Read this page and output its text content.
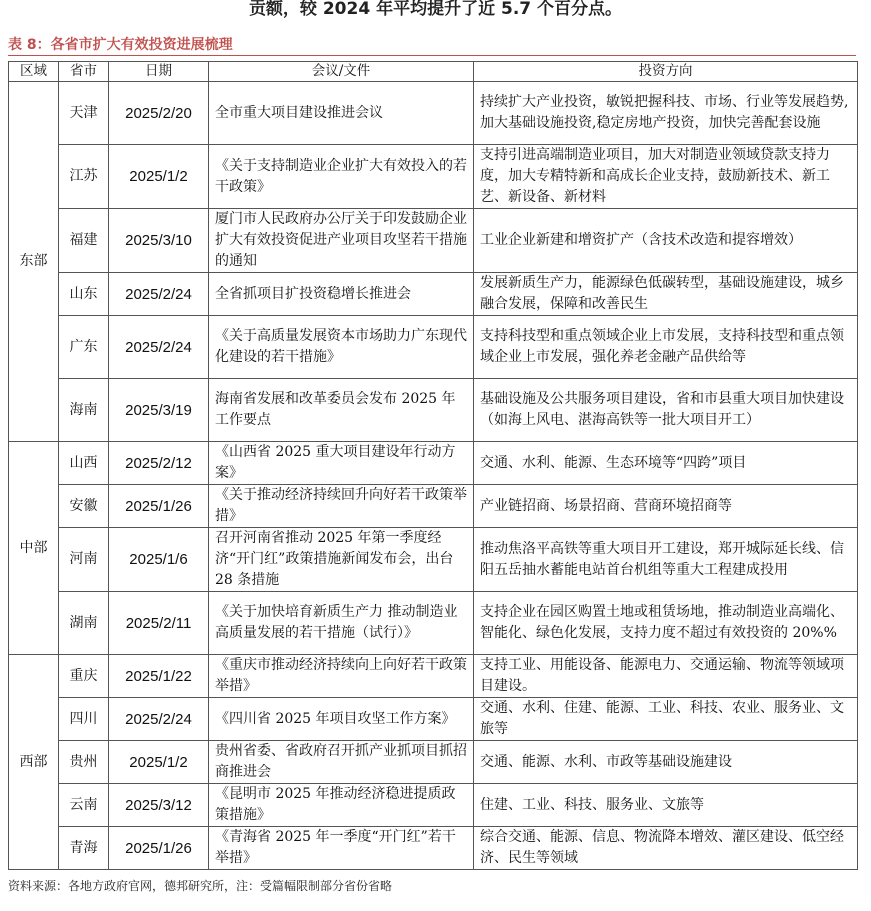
贡额，较 2024 年平均提升了近 5.7 个百分点。
表 8：各省市扩大有效投资进展梳理
区域	省市	日期	会议/文件	投资方向
东部	天津	2025/2/20	全市重大项目建设推进会议	持续扩大产业投资，敏锐把握科技、市场、行业等发展趋势,加大基础设施投资,稳定房地产投资，加快完善配套设施
	江苏	2025/1/2	《关于支持制造业企业扩大有效投入的若干政策》	支持引进高端制造业项目，加大对制造业领域贷款支持力度，加大专精特新和高成长企业支持，鼓励新技术、新工艺、新设备、新材料
	福建	2025/3/10	厦门市人民政府办公厅关于印发鼓励企业扩大有效投资促进产业项目攻坚若干措施的通知	工业企业新建和增资扩产（含技术改造和提容增效）
	山东	2025/2/24	全省抓项目扩投资稳增长推进会	发展新质生产力，能源绿色低碳转型，基础设施建设，城乡融合发展，保障和改善民生
	广东	2025/2/24	《关于高质量发展资本市场助力广东现代化建设的若干措施》	支持科技型和重点领域企业上市发展，支持科技型和重点领域企业上市发展，强化养老金融产品供给等
	海南	2025/3/19	海南省发展和改革委员会发布 2025 年工作要点	基础设施及公共服务项目建设，省和市县重大项目加快建设（如海上风电、湛海高铁等一批大项目开工）
中部	山西	2025/2/12	《山西省 2025 重大项目建设年行动方案》	交通、水利、能源、生态环境等“四跨”项目
	安徽	2025/1/26	《关于推动经济持续回升向好若干政策举措》	产业链招商、场景招商、营商环境招商等
	河南	2025/1/6	召开河南省推动 2025 年第一季度经济“开门红”政策措施新闻发布会，出台 28 条措施	推动焦洛平高铁等重大项目开工建设，郑开城际延长线、信阳五岳抽水蓄能电站首台机组等重大工程建成投用
	湖南	2025/2/11	《关于加快培育新质生产力 推动制造业高质量发展的若干措施（试行）》	支持企业在园区购置土地或租赁场地，推动制造业高端化、智能化、绿色化发展，支持力度不超过有效投资的 20%%
西部	重庆	2025/1/22	《重庆市推动经济持续向上向好若干政策举措》	支持工业、用能设备、能源电力、交通运输、物流等领域项目建设。
	四川	2025/2/24	《四川省 2025 年项目攻坚工作方案》	交通、水利、住建、能源、工业、科技、农业、服务业、文旅等
	贵州	2025/1/2	贵州省委、省政府召开抓产业抓项目抓招商推进会	交通、能源、水利、市政等基础设施建设
	云南	2025/3/12	《昆明市 2025 年推动经济稳进提质政策措施》	住建、工业、科技、服务业、文旅等
	青海	2025/1/26	《青海省 2025 年一季度“开门红”若干举措》	综合交通、能源、信息、物流降本增效、灌区建设、低空经济、民生等领域
资料来源：各地方政府官网，德邦研究所，注：受篇幅限制部分省份省略
